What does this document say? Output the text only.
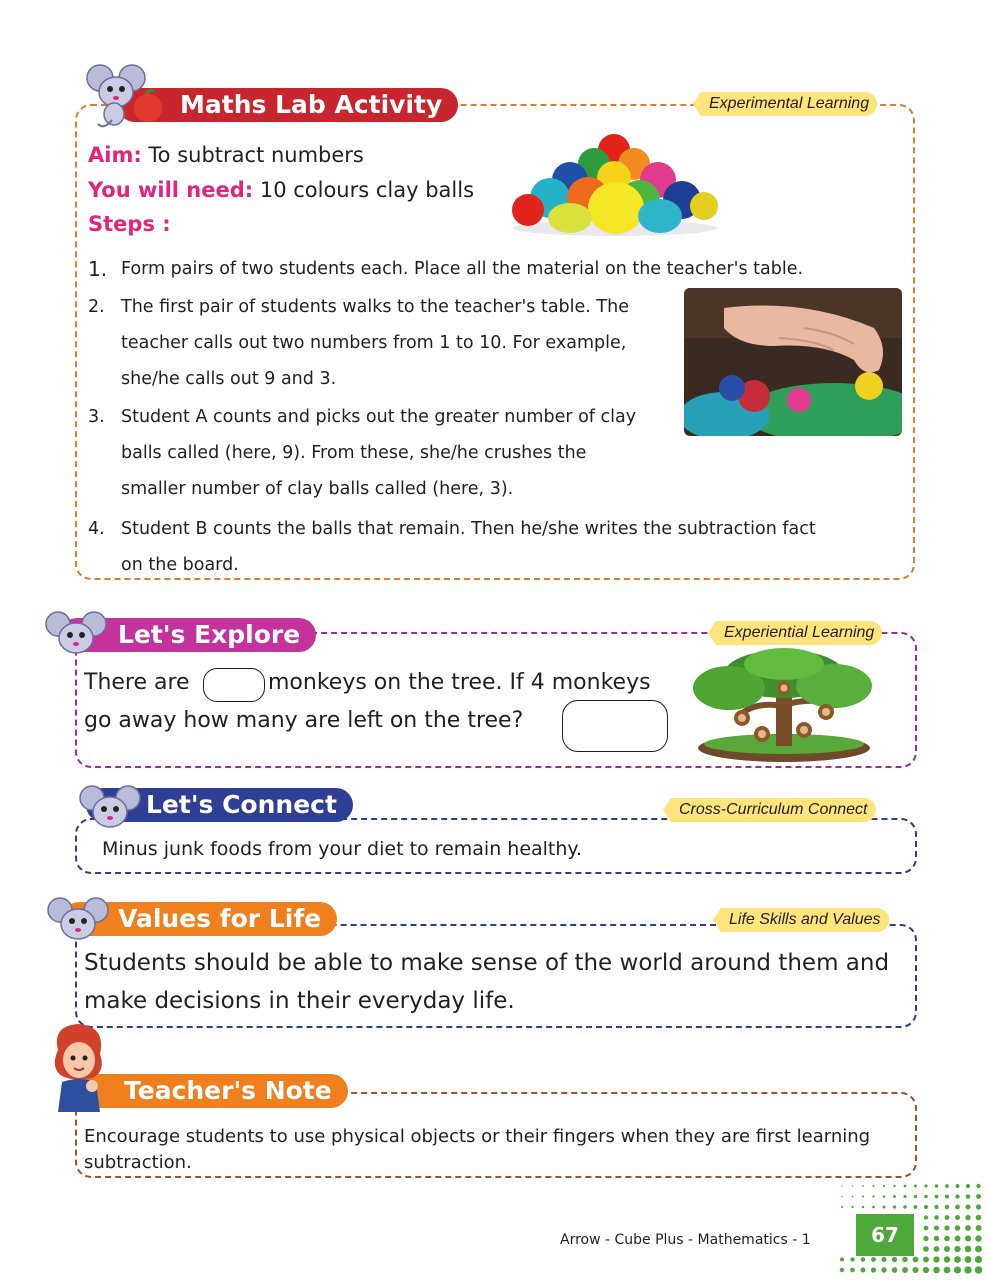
Maths Lab Activity	Experimental Learning
Aim: To subtract numbers
You will need: 10 colours clay balls
Steps :
1. Form pairs of two students each. Place all the material on the teacher's table.
2. The first pair of students walks to the teacher's table. The
teacher calls out two numbers from 1 to 10. For example,
she/he calls out 9 and 3.
3. Student A counts and picks out the greater number of clay
balls called (here, 9). From these, she/he crushes the
smaller number of clay balls called (here, 3).
4. Student B counts the balls that remain. Then he/she writes the subtraction fact
on the board.
Let's Explore	Experiential Learning
There are	monkeys on the tree. If 4 monkeys
go away how many are left on the tree?
Let's Connect	Cross-Curriculum Connect
Minus junk foods from your diet to remain healthy.
Values for Life	Life Skills and Values
Students should be able to make sense of the world around them and
make decisions in their everyday life.
Teacher's Note
Encourage students to use physical objects or their fingers when they are first learning
subtraction.
Arrow - Cube Plus - Mathematics - 1	67
